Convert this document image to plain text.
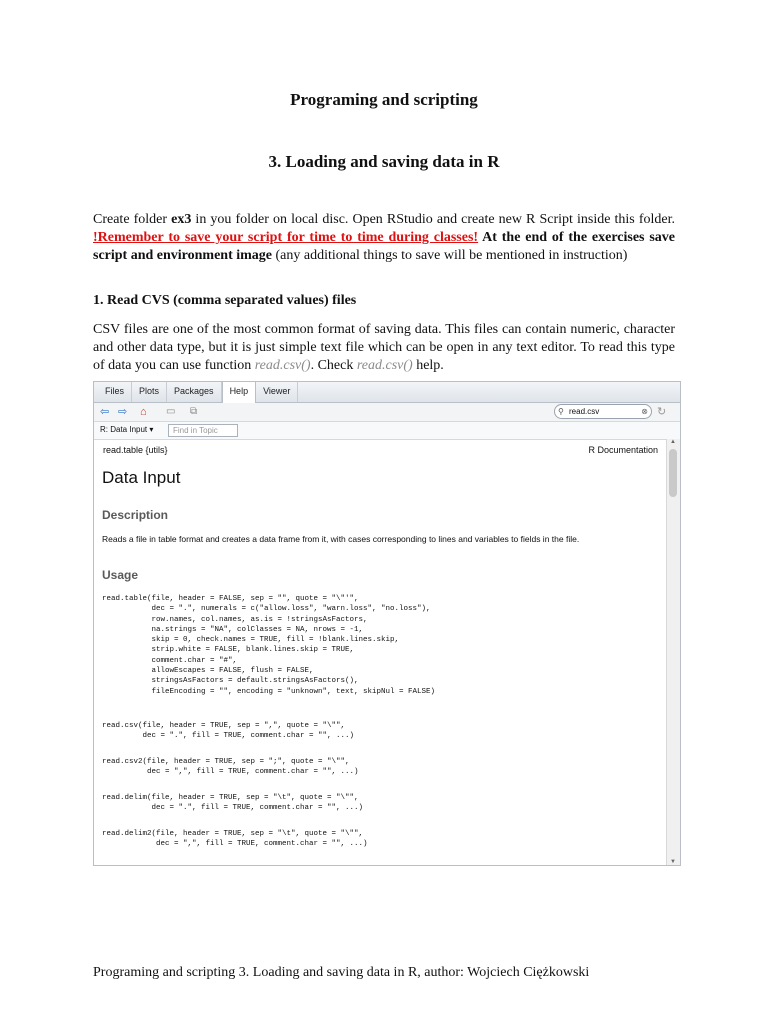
Programing and scripting
3. Loading and saving data in R
Create folder ex3 in you folder on local disc. Open RStudio and create new R Script inside this folder. !Remember to save your script for time to time during classes! At the end of the exercises save script and environment image (any additional things to save will be mentioned in instruction)
1. Read CVS (comma separated values) files
CSV files are one of the most common format of saving data. This files can contain numeric, character and other data type, but it is just simple text file which can be open in any text editor. To read this type of data you can use function read.csv(). Check read.csv() help.
Files	Plots	Packages	Help	Viewer
⇦ ⇨ ⌂ ▭ ⧉	⚲ read.csv	⊗ ↻
R: Data Input ▾	Find in Topic
read.table {utils}	R Documentation
Data Input
Description
Reads a file in table format and creates a data frame from it, with cases corresponding to lines and variables to fields in the file.
Usage
read.table(file, header = FALSE, sep = "", quote = "\"'",
dec = ".", numerals = c("allow.loss", "warn.loss", "no.loss"),
row.names, col.names, as.is = !stringsAsFactors,
na.strings = "NA", colClasses = NA, nrows = -1,
skip = 0, check.names = TRUE, fill = !blank.lines.skip,
strip.white = FALSE, blank.lines.skip = TRUE,
comment.char = "#",
allowEscapes = FALSE, flush = FALSE,
stringsAsFactors = default.stringsAsFactors(),
fileEncoding = "", encoding = "unknown", text, skipNul = FALSE)
read.csv(file, header = TRUE, sep = ",", quote = "\"",
dec = ".", fill = TRUE, comment.char = "", ...)
read.csv2(file, header = TRUE, sep = ";", quote = "\"",
dec = ",", fill = TRUE, comment.char = "", ...)
read.delim(file, header = TRUE, sep = "\t", quote = "\"",
dec = ".", fill = TRUE, comment.char = "", ...)
read.delim2(file, header = TRUE, sep = "\t", quote = "\"",
dec = ",", fill = TRUE, comment.char = "", ...)
▲
▼
Programing and scripting 3. Loading and saving data in R, author: Wojciech Ciężkowski
